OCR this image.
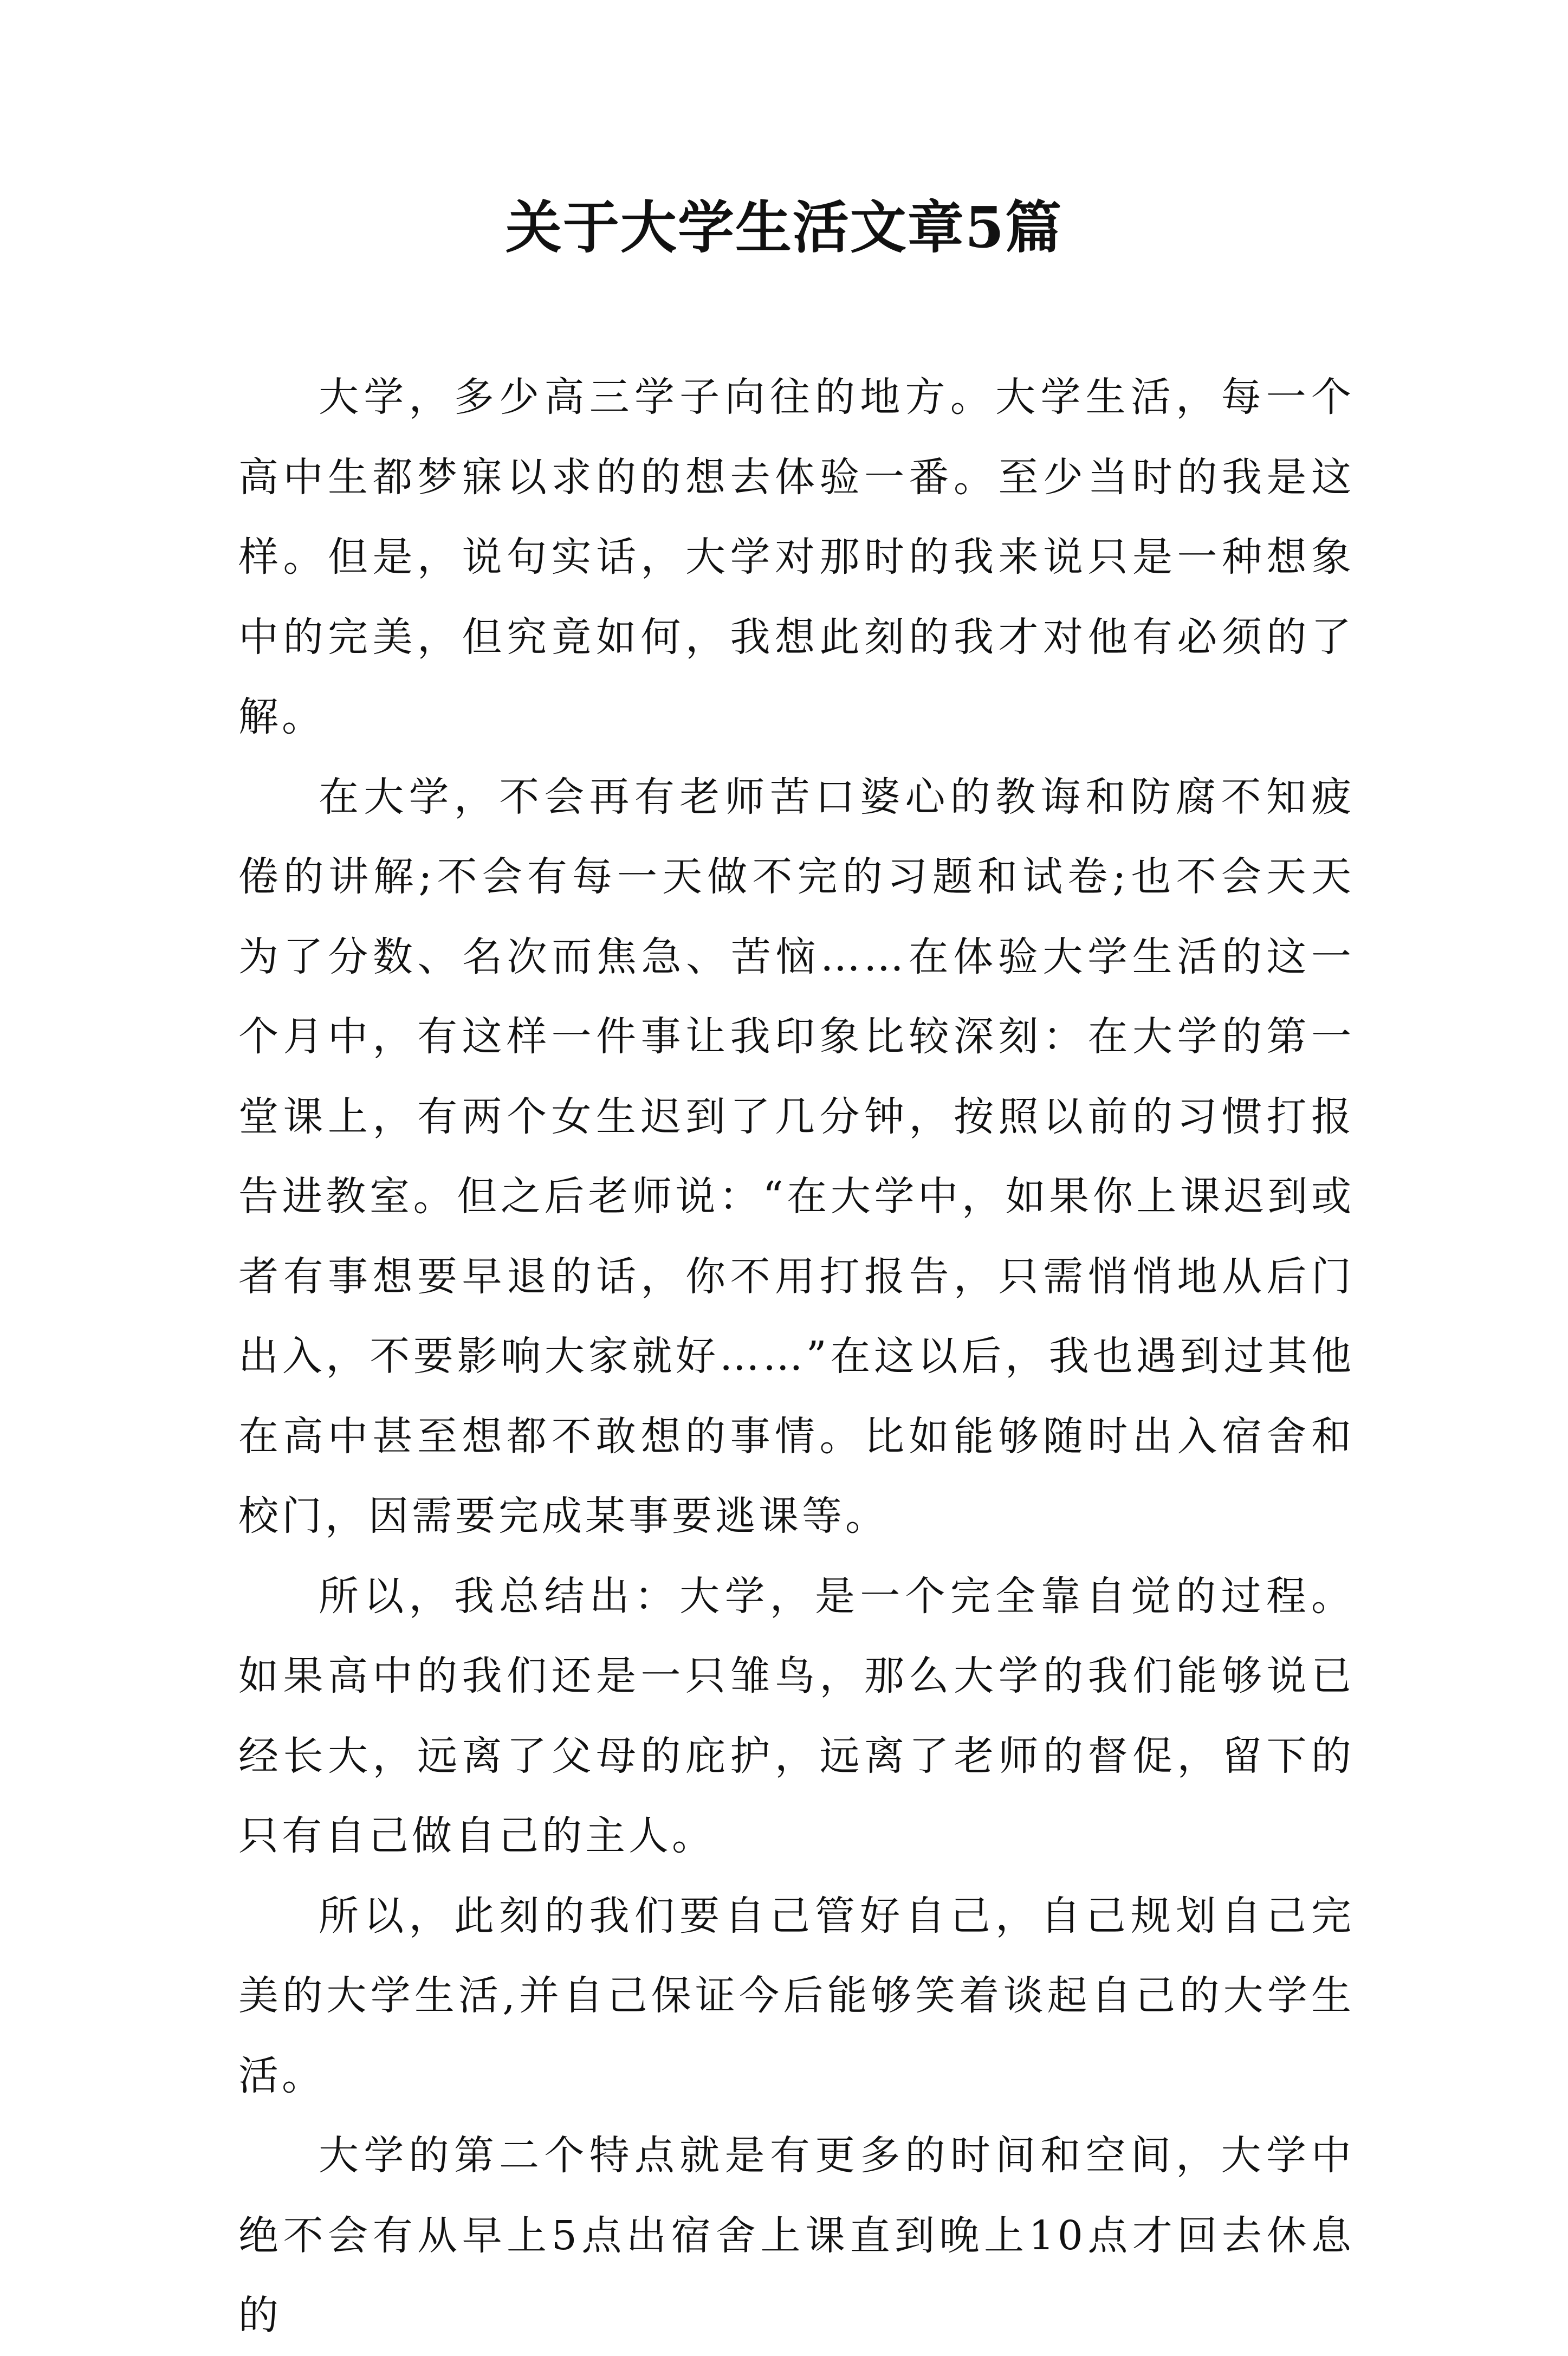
关于大学生活文章5篇

大学，多少高三学子向往的地方。大学生活，每一个高中生都梦寐以求的的想去体验一番。至少当时的我是这样。但是，说句实话，大学对那时的我来说只是一种想象中的完美，但究竟如何，我想此刻的我才对他有必须的了解。

在大学，不会再有老师苦口婆心的教诲和防腐不知疲倦的讲解;不会有每一天做不完的习题和试卷;也不会天天为了分数、名次而焦急、苦恼……在体验大学生活的这一个月中，有这样一件事让我印象比较深刻：在大学的第一堂课上，有两个女生迟到了几分钟，按照以前的习惯打报告进教室。但之后老师说：“在大学中，如果你上课迟到或者有事想要早退的话，你不用打报告，只需悄悄地从后门出入，不要影响大家就好……”在这以后，我也遇到过其他在高中甚至想都不敢想的事情。比如能够随时出入宿舍和校门，因需要完成某事要逃课等。

所以，我总结出：大学，是一个完全靠自觉的过程。如果高中的我们还是一只雏鸟，那么大学的我们能够说已经长大，远离了父母的庇护，远离了老师的督促，留下的只有自己做自己的主人。

所以，此刻的我们要自己管好自己，自己规划自己完美的大学生活,并自己保证今后能够笑着谈起自己的大学生活。

大学的第二个特点就是有更多的时间和空间，大学中绝不会有从早上5点出宿舍上课直到晚上10点才回去休息的
